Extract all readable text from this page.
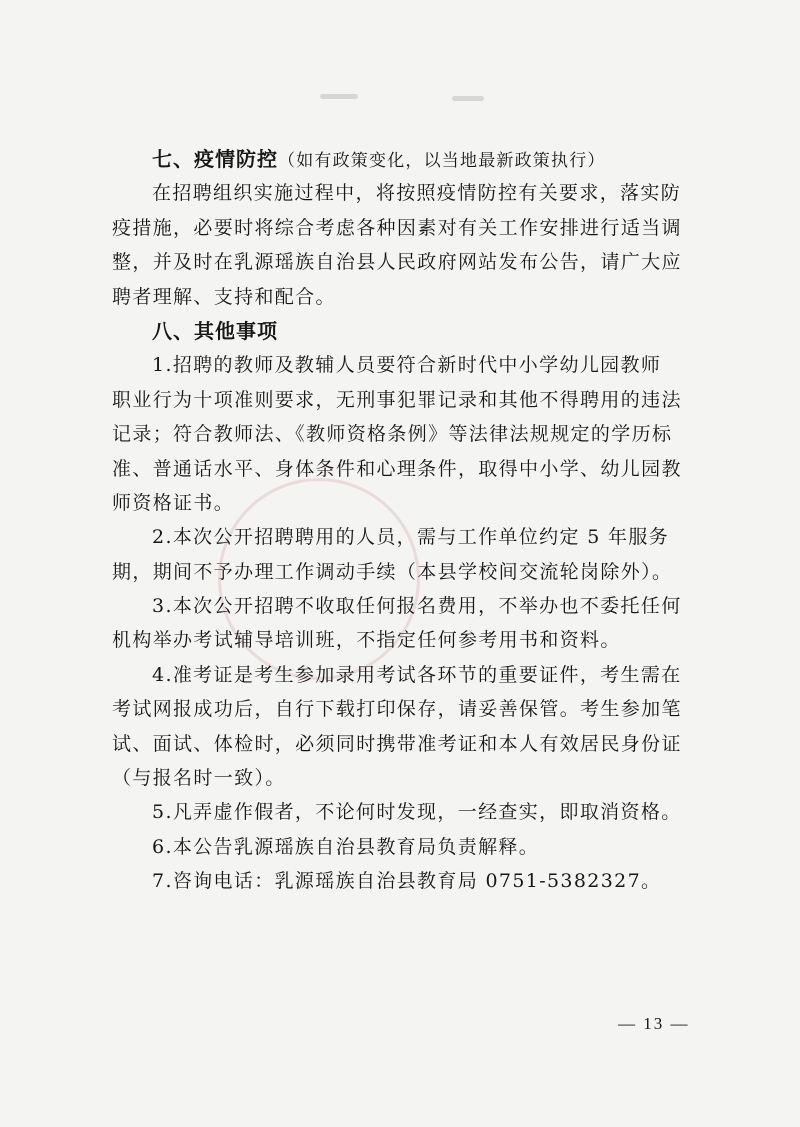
七、疫情防控（如有政策变化，以当地最新政策执行）
在招聘组织实施过程中，将按照疫情防控有关要求，落实防
疫措施，必要时将综合考虑各种因素对有关工作安排进行适当调
整，并及时在乳源瑶族自治县人民政府网站发布公告，请广大应
聘者理解、支持和配合。
八、其他事项
1.招聘的教师及教辅人员要符合新时代中小学幼儿园教师
职业行为十项准则要求，无刑事犯罪记录和其他不得聘用的违法
记录；符合教师法、《教师资格条例》等法律法规规定的学历标
准、普通话水平、身体条件和心理条件，取得中小学、幼儿园教
师资格证书。
2.本次公开招聘聘用的人员，需与工作单位约定 5 年服务
期，期间不予办理工作调动手续（本县学校间交流轮岗除外）。
3.本次公开招聘不收取任何报名费用，不举办也不委托任何
机构举办考试辅导培训班，不指定任何参考用书和资料。
4.准考证是考生参加录用考试各环节的重要证件，考生需在
考试网报成功后，自行下载打印保存，请妥善保管。考生参加笔
试、面试、体检时，必须同时携带准考证和本人有效居民身份证
（与报名时一致）。
5.凡弄虚作假者，不论何时发现，一经查实，即取消资格。
6.本公告乳源瑶族自治县教育局负责解释。
7.咨询电话：乳源瑶族自治县教育局 0751-5382327。
— 13 —
